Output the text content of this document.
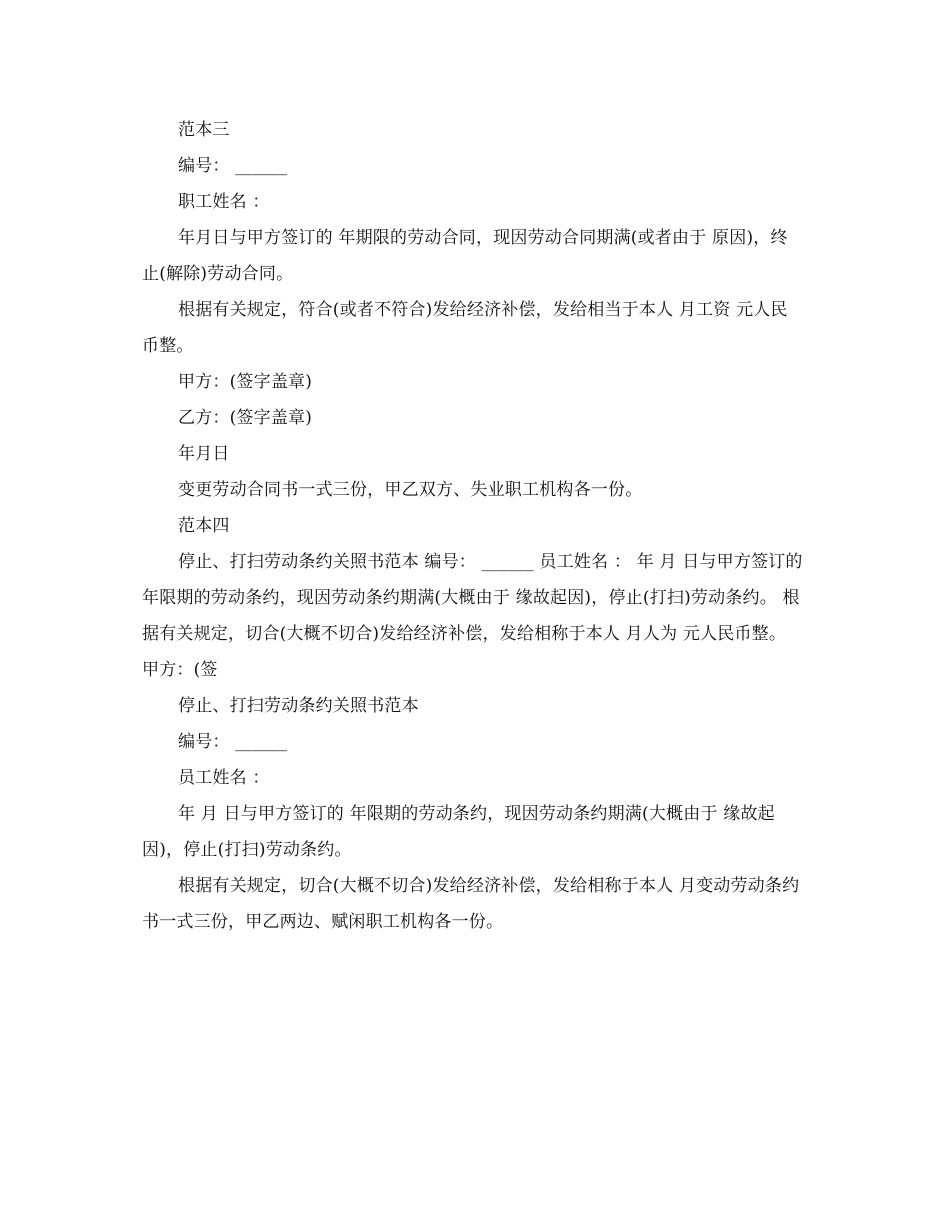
范本三

编号： ______

职工姓名 ：

年月日与甲方签订的 年期限的劳动合同，现因劳动合同期满(或者由于 原因)，终止(解除)劳动合同。

根据有关规定，符合(或者不符合)发给经济补偿，发给相当于本人 月工资 元人民币整。

甲方：(签字盖章)

乙方：(签字盖章)

年月日

变更劳动合同书一式三份，甲乙双方、失业职工机构各一份。

范本四

停止、打扫劳动条约关照书范本 编号： ______ 员工姓名 ： 年 月 日与甲方签订的 年限期的劳动条约，现因劳动条约期满(大概由于 缘故起因)，停止(打扫)劳动条约。 根据有关规定，切合(大概不切合)发给经济补偿，发给相称于本人 月人为 元人民币整。 甲方：(签

停止、打扫劳动条约关照书范本

编号： ______

员工姓名 ：

年 月 日与甲方签订的 年限期的劳动条约，现因劳动条约期满(大概由于 缘故起因)，停止(打扫)劳动条约。

根据有关规定，切合(大概不切合)发给经济补偿，发给相称于本人 月变动劳动条约书一式三份，甲乙两边、赋闲职工机构各一份。
